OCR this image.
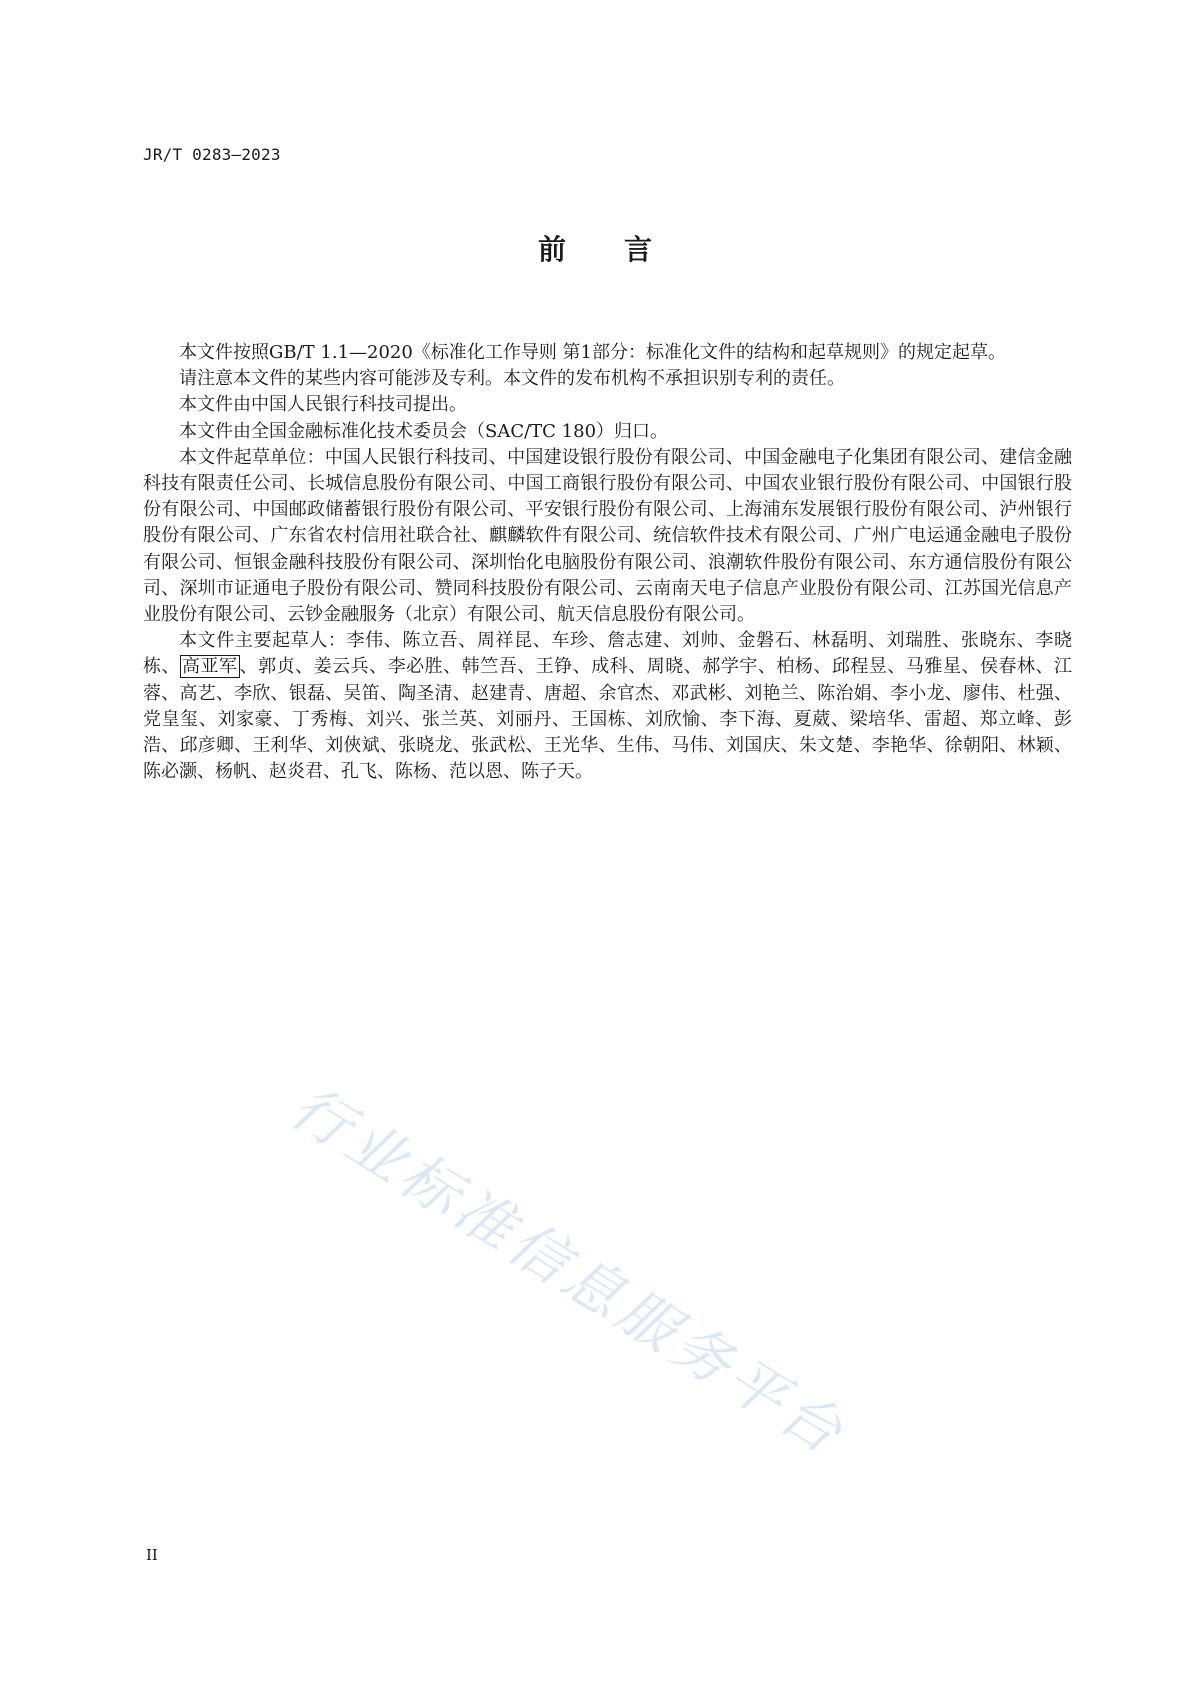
JR/T 0283—2023
前言

本文件按照GB/T 1.1—2020《标准化工作导则 第1部分：标准化文件的结构和起草规则》的规定起草。

请注意本文件的某些内容可能涉及专利。本文件的发布机构不承担识别专利的责任。

本文件由中国人民银行科技司提出。

本文件由全国金融标准化技术委员会（SAC/TC 180）归口。

本文件起草单位：中国人民银行科技司、中国建设银行股份有限公司、中国金融电子化集团有限公司、建信金融科技有限责任公司、长城信息股份有限公司、中国工商银行股份有限公司、中国农业银行股份有限公司、中国银行股份有限公司、中国邮政储蓄银行股份有限公司、平安银行股份有限公司、上海浦东发展银行股份有限公司、泸州银行股份有限公司、广东省农村信用社联合社、麒麟软件有限公司、统信软件技术有限公司、广州广电运通金融电子股份有限公司、恒银金融科技股份有限公司、深圳怡化电脑股份有限公司、浪潮软件股份有限公司、东方通信股份有限公司、深圳市证通电子股份有限公司、赞同科技股份有限公司、云南南天电子信息产业股份有限公司、江苏国光信息产业股份有限公司、云钞金融服务（北京）有限公司、航天信息股份有限公司。

本文件主要起草人：李伟、陈立吾、周祥昆、车珍、詹志建、刘帅、金磐石、林磊明、刘瑞胜、张晓东、李晓栋、 高亚军 、郭贞、姜云兵、李必胜、韩竺吾、王铮、成科、周晓、郝学宇、柏杨、邱程昱、马雅星、侯春林、江蓉、高艺、李欣、银磊、吴笛、陶圣清、赵建青、唐超、余官杰、邓武彬、刘艳兰、陈治娟、李小龙、廖伟、杜强、党皇玺、刘家豪、丁秀梅、刘兴、张兰英、刘丽丹、王国栋、刘欣愉、李下海、夏葳、梁培华、雷超、郑立峰、彭浩、邱彦卿、王利华、刘俠斌、张晓龙、张武松、王光华、生伟、马伟、刘国庆、朱文楚、李艳华、徐朝阳、林颖、陈必灏、杨帆、赵炎君、孔飞、陈杨、范以恩、陈子天。

行业标准信息服务平台
II
